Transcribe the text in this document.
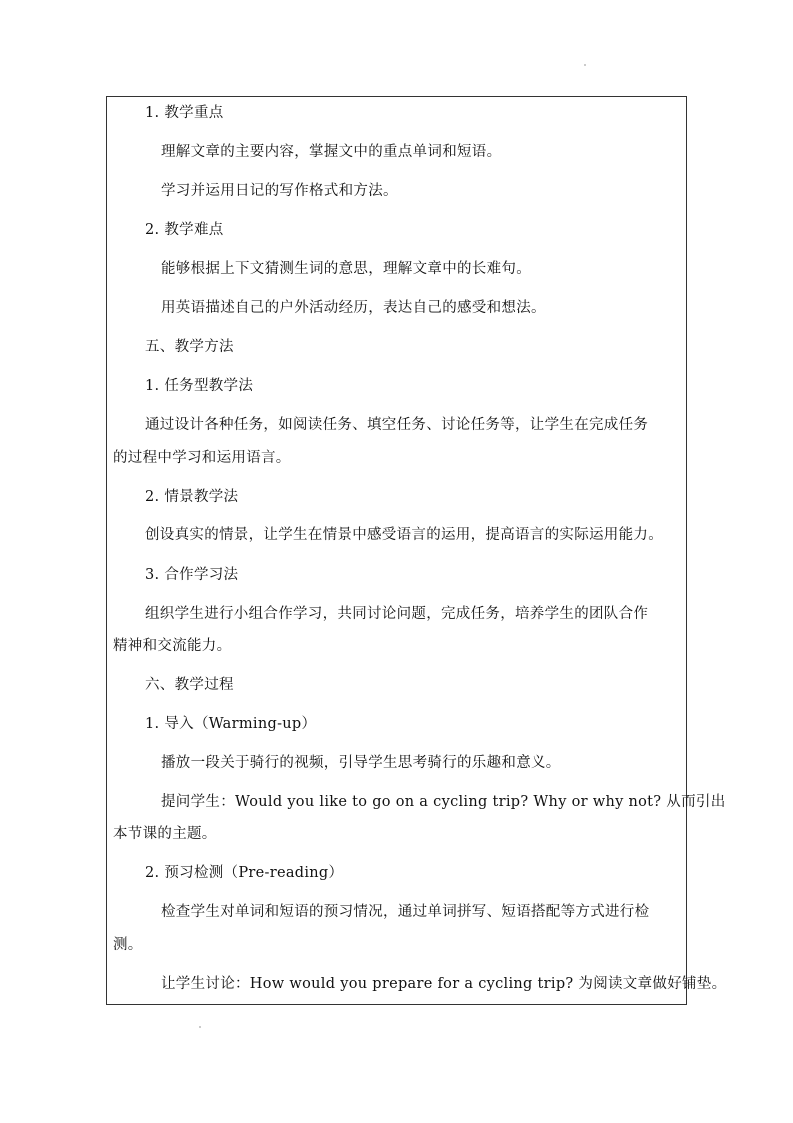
1. 教学重点
理解文章的主要内容，掌握文中的重点单词和短语。
学习并运用日记的写作格式和方法。
2. 教学难点
能够根据上下文猜测生词的意思，理解文章中的长难句。
用英语描述自己的户外活动经历，表达自己的感受和想法。
五、教学方法
1. 任务型教学法
通过设计各种任务，如阅读任务、填空任务、讨论任务等，让学生在完成任务
的过程中学习和运用语言。
2. 情景教学法
创设真实的情景，让学生在情景中感受语言的运用，提高语言的实际运用能力。
3. 合作学习法
组织学生进行小组合作学习，共同讨论问题，完成任务，培养学生的团队合作
精神和交流能力。
六、教学过程
1. 导入（Warming-up）
播放一段关于骑行的视频，引导学生思考骑行的乐趣和意义。
提问学生：Would you like to go on a cycling trip? Why or why not? 从而引出
本节课的主题。
2. 预习检测（Pre-reading）
检查学生对单词和短语的预习情况，通过单词拼写、短语搭配等方式进行检
测。
让学生讨论：How would you prepare for a cycling trip? 为阅读文章做好铺垫。
